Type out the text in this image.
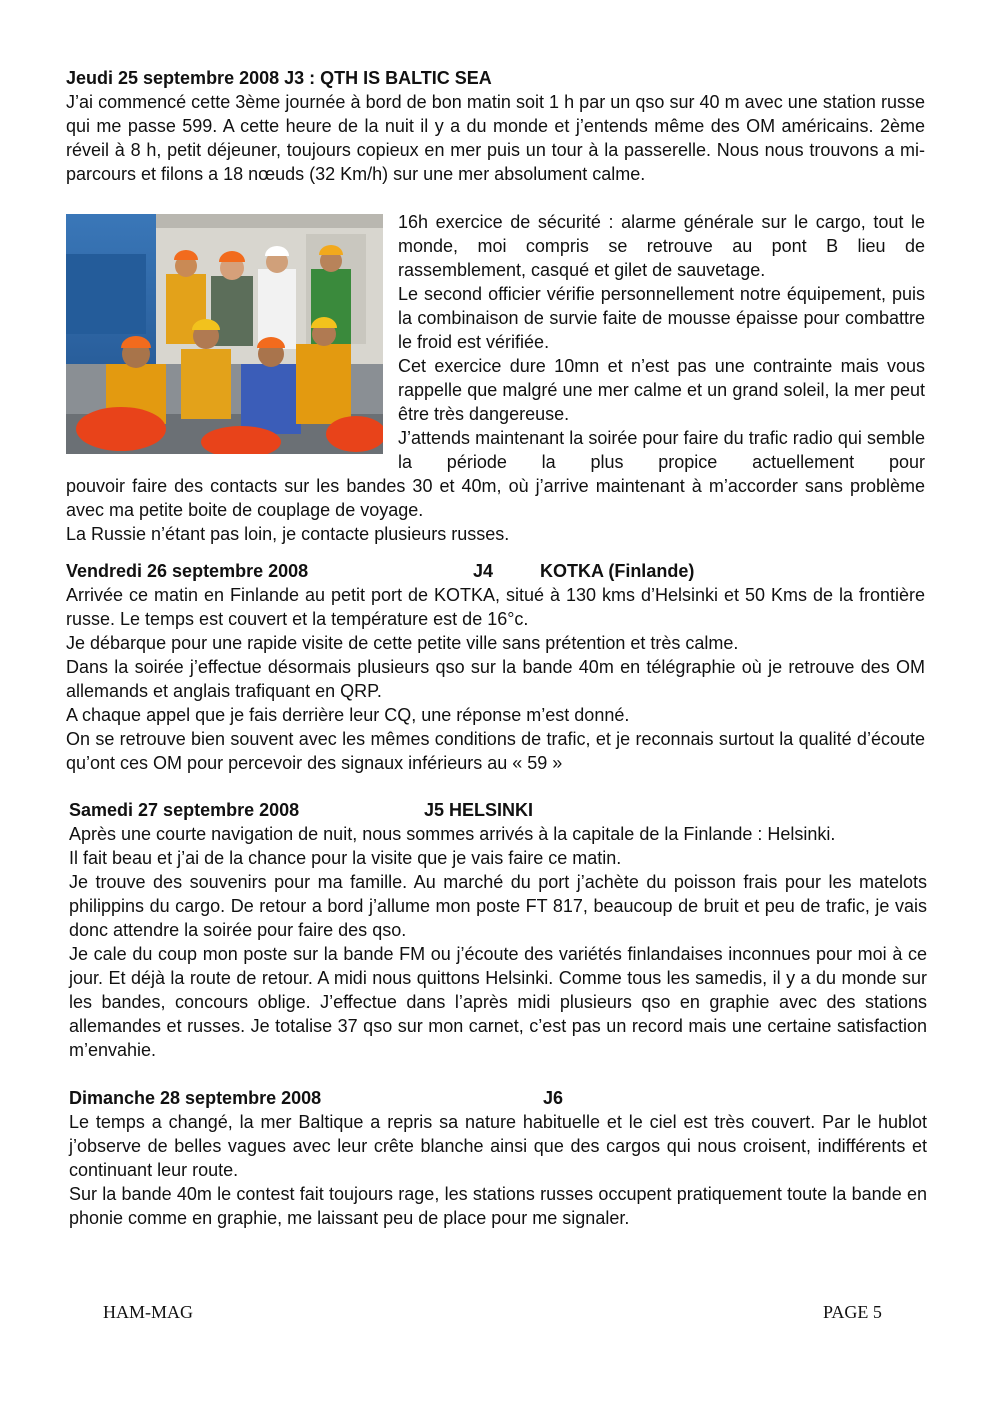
Jeudi 25 septembre 2008 J3 : QTH IS BALTIC SEA

J’ai commencé cette 3ème journée à bord de bon matin soit 1 h par un qso sur 40 m avec une station russe qui me passe 599. A cette heure de la nuit il y a du monde et j’entends même des OM américains. 2ème réveil à 8 h, petit déjeuner, toujours copieux en mer puis un tour à la passerelle. Nous nous trouvons a mi-parcours et filons a 18 nœuds (32 Km/h) sur une mer absolument calme.

16h exercice de sécurité : alarme générale sur le cargo, tout le monde, moi compris se retrouve au pont B lieu de rassemblement, casqué et gilet de sauvetage.

Le second officier vérifie personnellement notre équipement, puis la combinaison de survie faite de mousse épaisse pour combattre le froid est vérifiée.

Cet exercice dure 10mn et n’est pas une contrainte mais vous rappelle que malgré une mer calme et un grand soleil, la mer peut être très dangereuse.

J’attends maintenant la soirée pour faire du trafic radio qui semble la période la plus propice actuellement pour

pouvoir faire des contacts sur les bandes 30 et 40m, où j’arrive maintenant à m’accorder sans problème avec ma petite boite de couplage de voyage.

La Russie n’étant pas loin, je contacte plusieurs russes.

Vendredi 26 septembre 2008	J4	KOTKA (Finlande)

Arrivée ce matin en Finlande au petit port de KOTKA, situé à 130 kms d’Helsinki et 50 Kms de la frontière russe. Le temps est couvert et la température est de 16°c.

Je débarque pour une rapide visite de cette petite ville sans prétention et très calme.

Dans la soirée j’effectue désormais plusieurs qso sur la bande 40m en télégraphie où je retrouve des OM allemands et anglais trafiquant en QRP.

A chaque appel que je fais derrière leur CQ, une réponse m’est donné.

On se retrouve bien souvent avec les mêmes conditions de trafic, et je reconnais surtout la qualité d’écoute qu’ont ces OM pour percevoir des signaux inférieurs au « 59 »

Samedi 27 septembre 2008	J5 HELSINKI

Après une courte navigation de nuit, nous sommes arrivés à la capitale de la Finlande : Helsinki.

Il fait beau et j’ai de la chance pour la visite que je vais faire ce matin.

Je trouve des souvenirs pour ma famille. Au marché du port j’achète du poisson frais pour les matelots philippins du cargo. De retour a bord j’allume mon poste FT 817, beaucoup de bruit et peu de trafic, je vais donc attendre la soirée pour faire des qso.

Je cale du coup mon poste sur la bande FM ou j’écoute des variétés finlandaises inconnues pour moi à ce jour. Et déjà la route de retour. A midi nous quittons Helsinki. Comme tous les samedis, il y a du monde sur les bandes, concours oblige. J’effectue dans l’après midi plusieurs qso en graphie avec des stations allemandes et russes. Je totalise 37 qso sur mon carnet, c’est pas un record mais une certaine satisfaction m’envahie.

Dimanche 28 septembre 2008	J6

Le temps a changé, la mer Baltique a repris sa nature habituelle et le ciel est très couvert. Par le hublot j’observe de belles vagues avec leur crête blanche ainsi que des cargos qui nous croisent, indifférents et continuant leur route.

Sur la bande 40m le contest fait toujours rage, les stations russes occupent pratiquement toute la bande en phonie comme en graphie, me laissant peu de place pour me signaler.

HAM-MAG	PAGE 5
